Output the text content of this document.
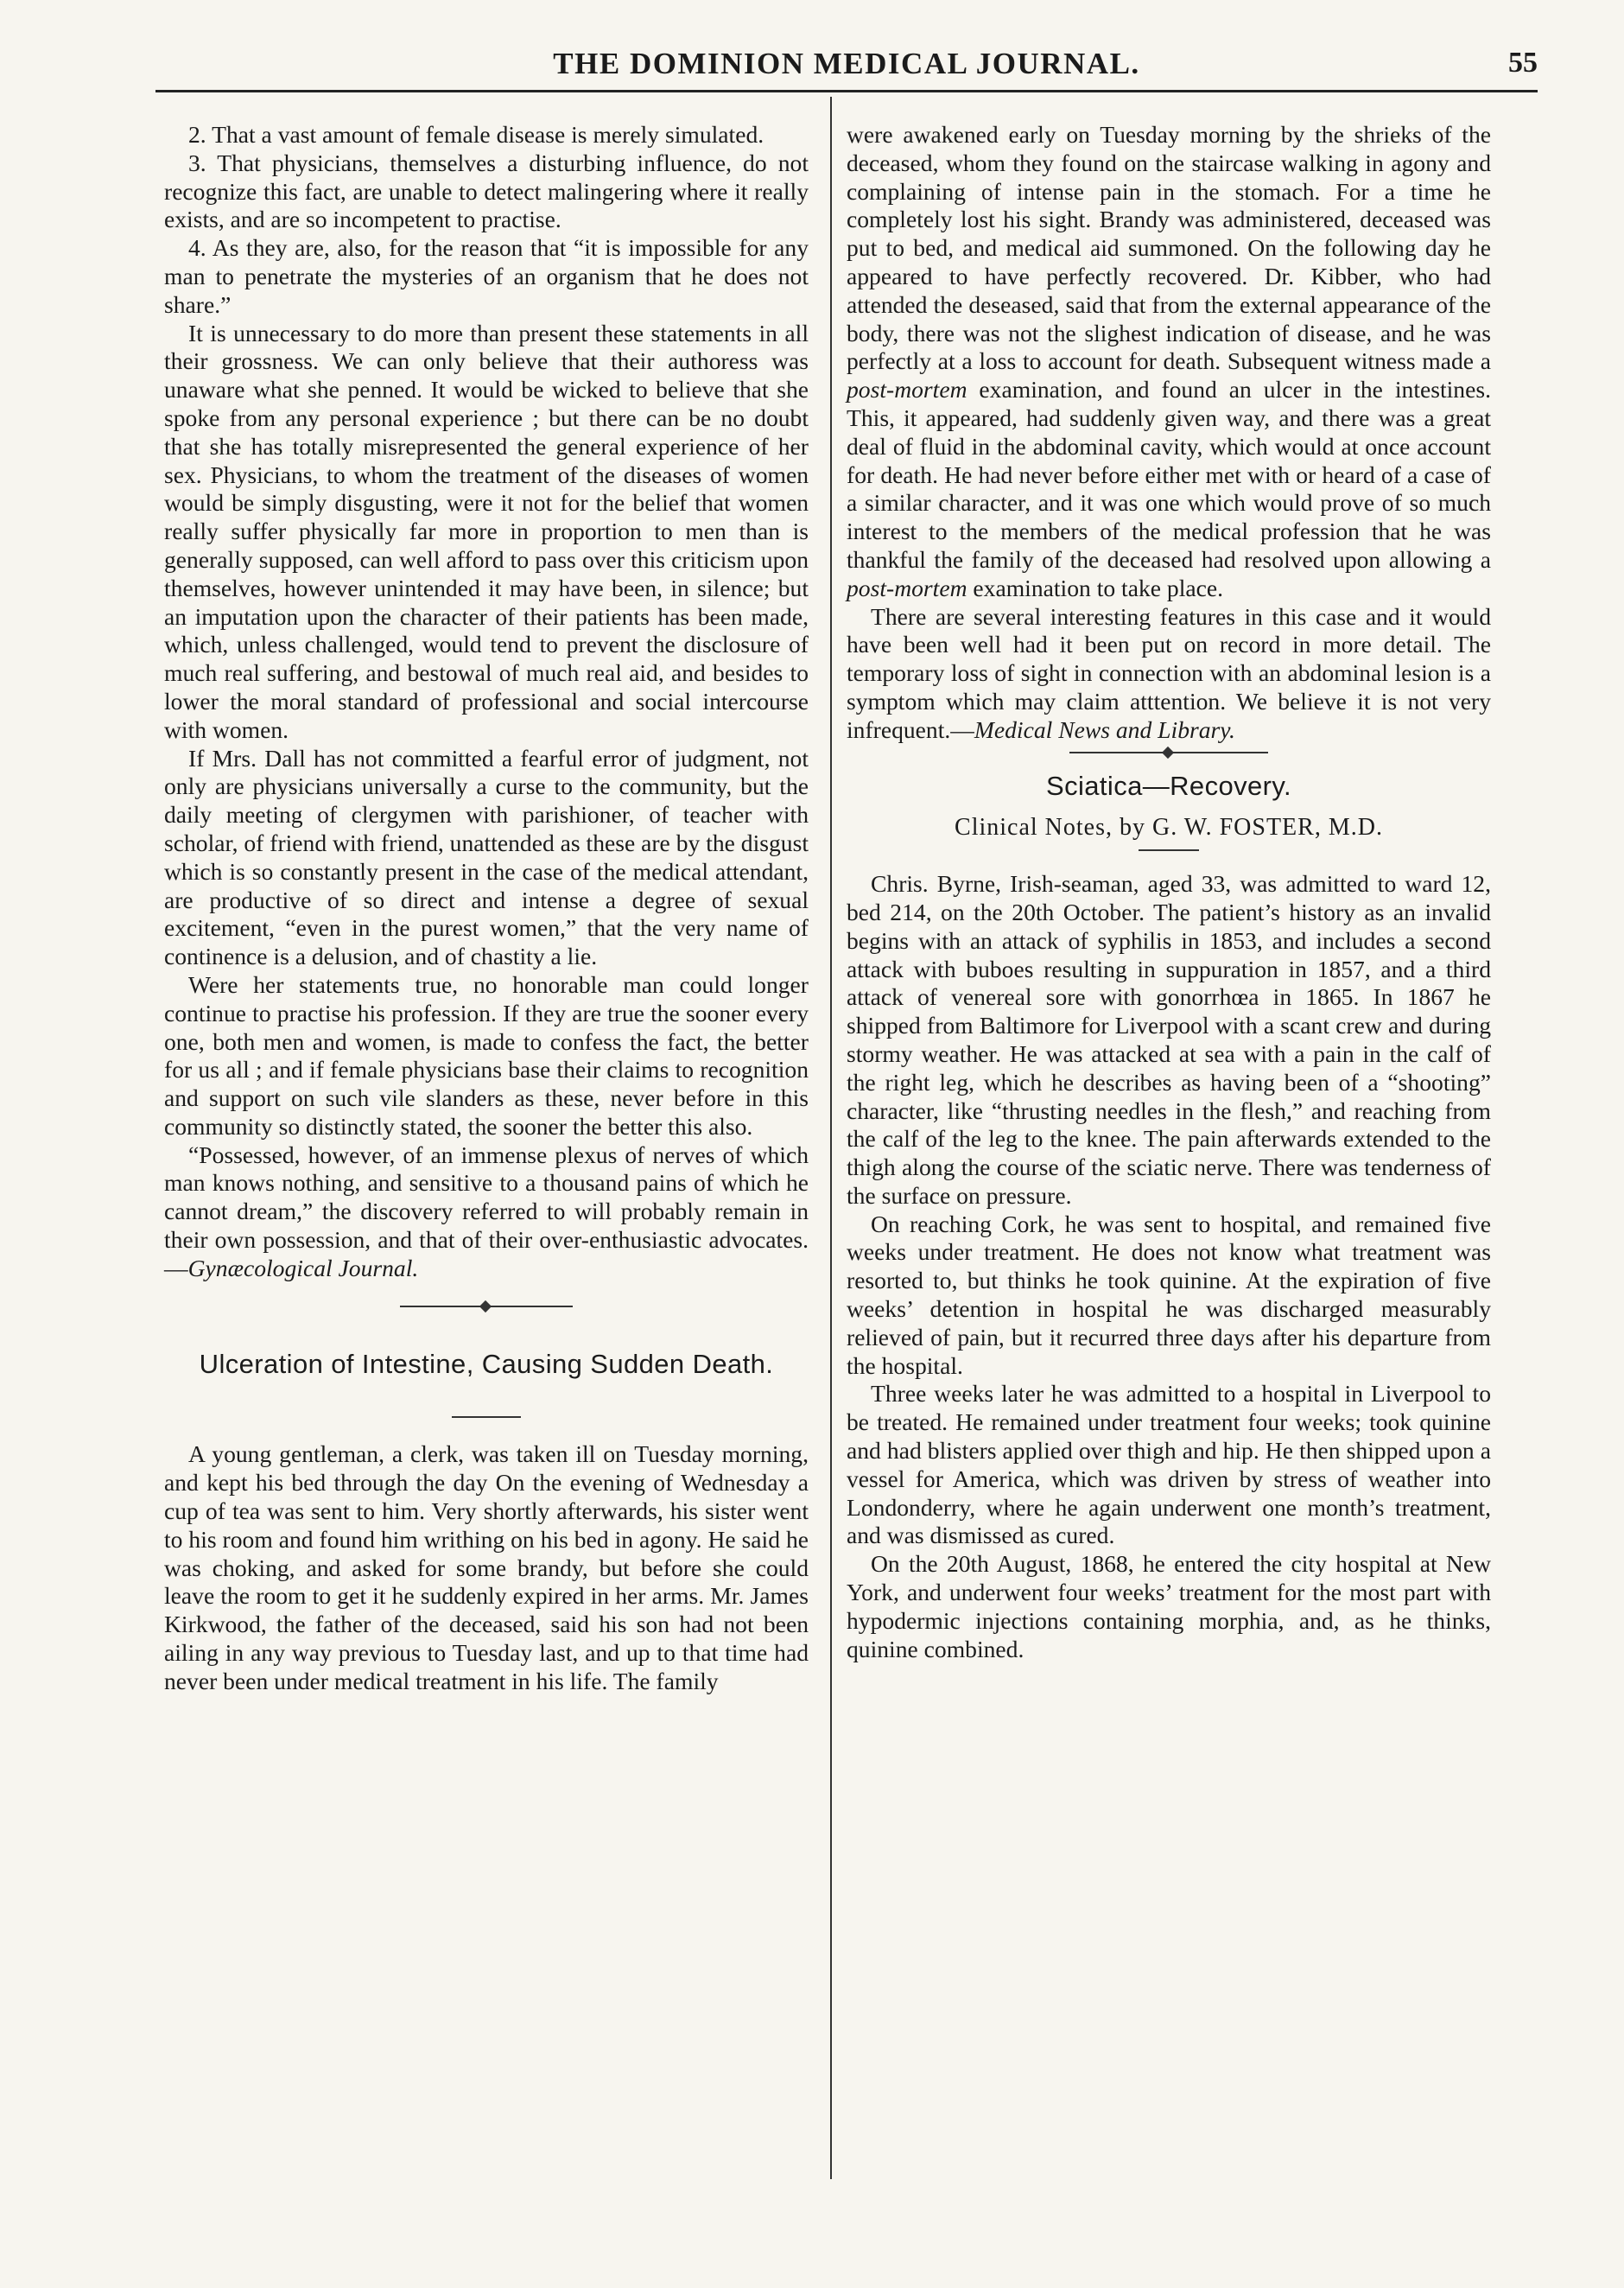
THE DOMINION MEDICAL JOURNAL.	55

2. That a vast amount of female disease is merely simulated.

3. That physicians, themselves a disturbing influence, do not recognize this fact, are unable to detect malingering where it really exists, and are so incompetent to practise.

4. As they are, also, for the reason that “it is impossible for any man to penetrate the mysteries of an organism that he does not share.”

It is unnecessary to do more than present these statements in all their grossness. We can only believe that their authoress was unaware what she penned. It would be wicked to believe that she spoke from any personal experience ; but there can be no doubt that she has totally misrepresented the general experience of her sex. Physicians, to whom the treatment of the diseases of women would be simply disgusting, were it not for the belief that women really suffer physically far more in proportion to men than is generally supposed, can well afford to pass over this criticism upon themselves, however unintended it may have been, in silence; but an imputation upon the character of their patients has been made, which, unless challenged, would tend to prevent the disclosure of much real suffering, and bestowal of much real aid, and besides to lower the moral standard of professional and social intercourse with women.

If Mrs. Dall has not committed a fearful error of judgment, not only are physicians universally a curse to the community, but the daily meeting of clergymen with parishioner, of teacher with scholar, of friend with friend, unattended as these are by the disgust which is so constantly present in the case of the medical attendant, are productive of so direct and intense a degree of sexual excitement, “even in the purest women,” that the very name of continence is a delusion, and of chastity a lie.

Were her statements true, no honorable man could longer continue to practise his profession. If they are true the sooner every one, both men and women, is made to confess the fact, the better for us all ; and if female physicians base their claims to recognition and support on such vile slanders as these, never before in this community so distinctly stated, the sooner the better this also.

“Possessed, however, of an immense plexus of nerves of which man knows nothing, and sensitive to a thousand pains of which he cannot dream,” the discovery referred to will probably remain in their own possession, and that of their over-enthusiastic advocates.—Gynæcological Journal.

Ulceration of Intestine, Causing Sudden Death.

A young gentleman, a clerk, was taken ill on Tuesday morning, and kept his bed through the day On the evening of Wednesday a cup of tea was sent to him. Very shortly afterwards, his sister went to his room and found him writhing on his bed in agony. He said he was choking, and asked for some brandy, but before she could leave the room to get it he suddenly expired in her arms. Mr. James Kirkwood, the father of the deceased, said his son had not been ailing in any way previous to Tuesday last, and up to that time had never been under medical treatment in his life. The family

were awakened early on Tuesday morning by the shrieks of the deceased, whom they found on the staircase walking in agony and complaining of intense pain in the stomach. For a time he completely lost his sight. Brandy was administered, deceased was put to bed, and medical aid summoned. On the following day he appeared to have perfectly recovered. Dr. Kibber, who had attended the deseased, said that from the external appearance of the body, there was not the slighest indication of disease, and he was perfectly at a loss to account for death. Subsequent witness made a post-mortem examination, and found an ulcer in the intestines. This, it appeared, had suddenly given way, and there was a great deal of fluid in the abdominal cavity, which would at once account for death. He had never before either met with or heard of a case of a similar character, and it was one which would prove of so much interest to the members of the medical profession that he was thankful the family of the deceased had resolved upon allowing a post-mortem examination to take place.

There are several interesting features in this case and it would have been well had it been put on record in more detail. The temporary loss of sight in connection with an abdominal lesion is a symptom which may claim atttention. We believe it is not very infrequent.—Medical News and Library.

Sciatica—Recovery.
Clinical Notes, by G. W. FOSTER, M.D.

Chris. Byrne, Irish-seaman, aged 33, was admitted to ward 12, bed 214, on the 20th October. The patient’s history as an invalid begins with an attack of syphilis in 1853, and includes a second attack with buboes resulting in suppuration in 1857, and a third attack of venereal sore with gonorrhœa in 1865. In 1867 he shipped from Baltimore for Liverpool with a scant crew and during stormy weather. He was attacked at sea with a pain in the calf of the right leg, which he describes as having been of a “shooting” character, like “thrusting needles in the flesh,” and reaching from the calf of the leg to the knee. The pain afterwards extended to the thigh along the course of the sciatic nerve. There was tenderness of the surface on pressure.

On reaching Cork, he was sent to hospital, and remained five weeks under treatment. He does not know what treatment was resorted to, but thinks he took quinine. At the expiration of five weeks’ detention in hospital he was discharged measurably relieved of pain, but it recurred three days after his departure from the hospital.

Three weeks later he was admitted to a hospital in Liverpool to be treated. He remained under treatment four weeks; took quinine and had blisters applied over thigh and hip. He then shipped upon a vessel for America, which was driven by stress of weather into Londonderry, where he again underwent one month’s treatment, and was dismissed as cured.

On the 20th August, 1868, he entered the city hospital at New York, and underwent four weeks’ treatment for the most part with hypodermic injections containing morphia, and, as he thinks, quinine combined.
